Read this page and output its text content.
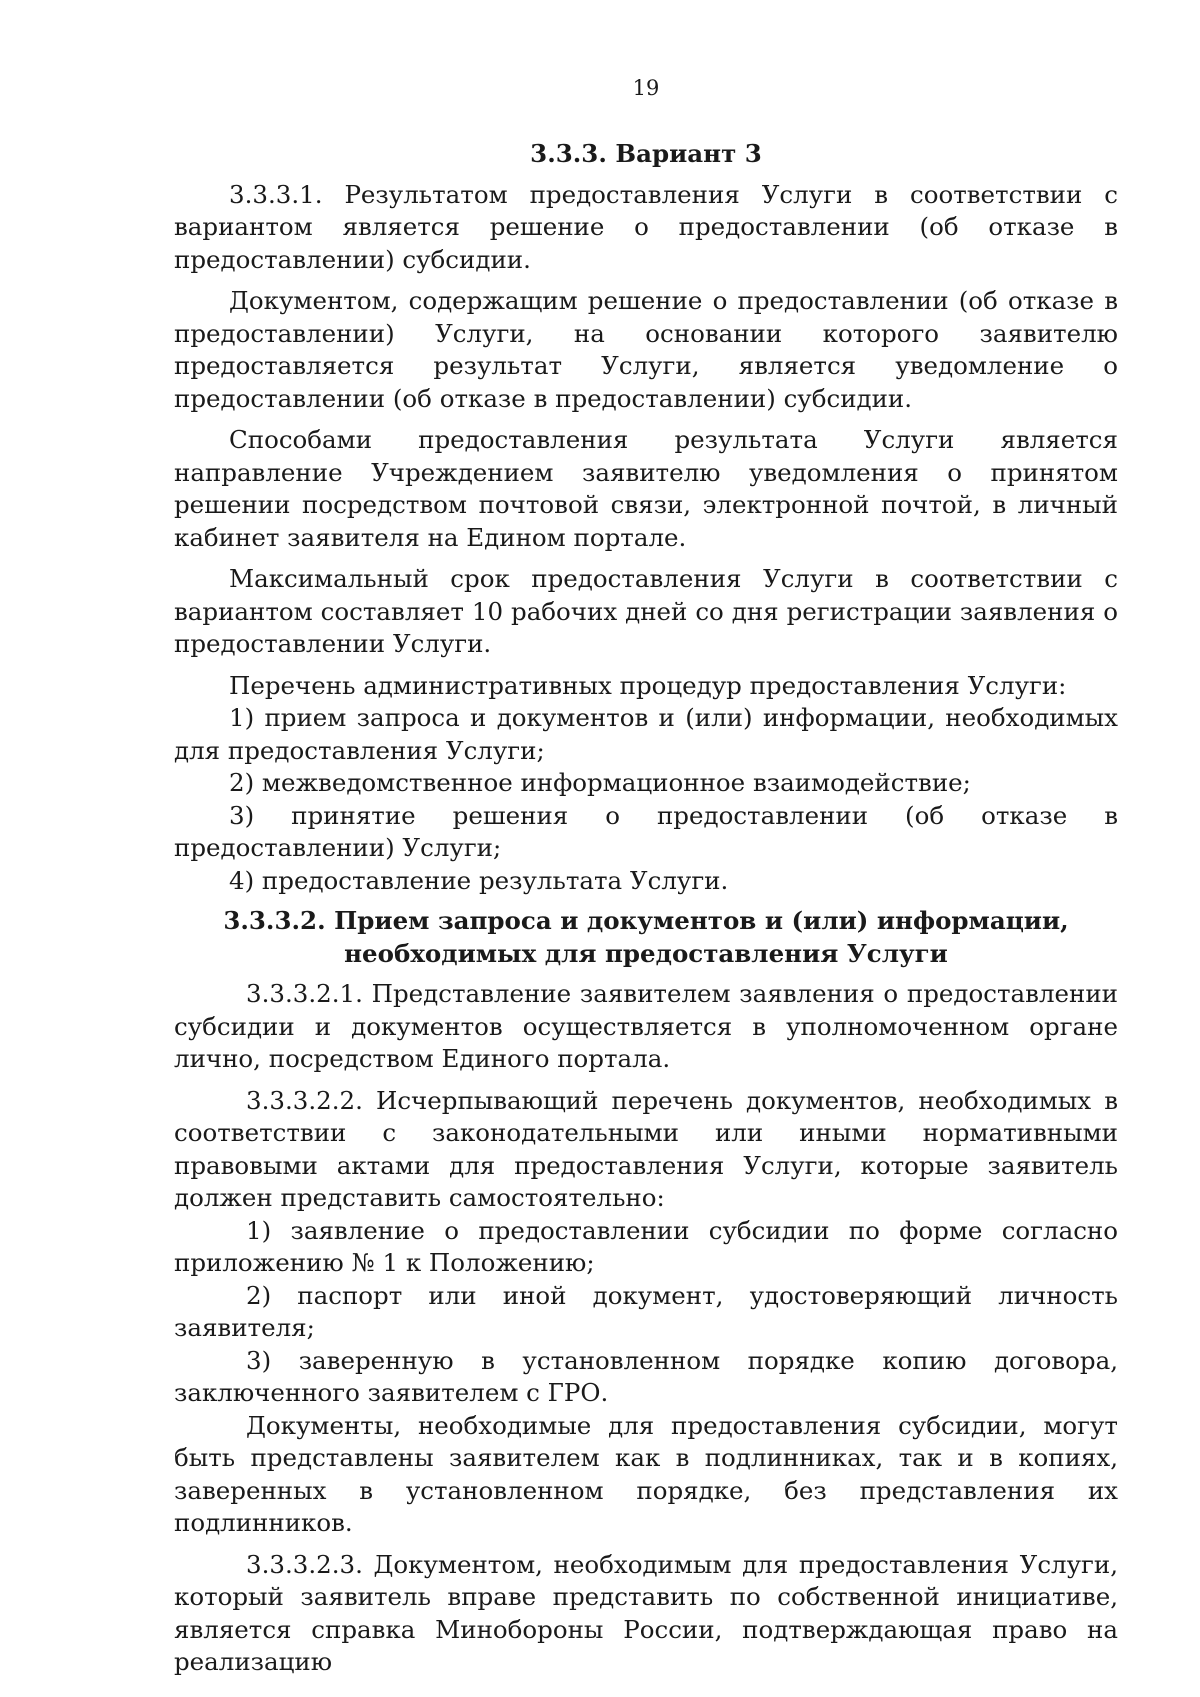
19
3.3.3. Вариант 3

3.3.3.1. Результатом предоставления Услуги в соответствии с вариантом является решение о предоставлении (об отказе в предоставлении) субсидии.

Документом, содержащим решение о предоставлении (об отказе в предоставлении) Услуги, на основании которого заявителю предоставляется результат Услуги, является уведомление о предоставлении (об отказе в предоставлении) субсидии.

Способами предоставления результата Услуги является направление Учреждением заявителю уведомления о принятом решении посредством почтовой связи, электронной почтой, в личный кабинет заявителя на Едином портале.

Максимальный срок предоставления Услуги в соответствии с вариантом составляет 10 рабочих дней со дня регистрации заявления о предоставлении Услуги.

Перечень административных процедур предоставления Услуги:

1) прием запроса и документов и (или) информации, необходимых для предоставления Услуги;

2) межведомственное информационное взаимодействие;

3) принятие решения о предоставлении (об отказе в предоставлении) Услуги;

4) предоставление результата Услуги.

3.3.3.2. Прием запроса и документов и (или) информации, необходимых для предоставления Услуги

3.3.3.2.1. Представление заявителем заявления о предоставлении субсидии и документов осуществляется в уполномоченном органе лично, посредством Единого портала.

3.3.3.2.2. Исчерпывающий перечень документов, необходимых в соответствии с законодательными или иными нормативными правовыми актами для предоставления Услуги, которые заявитель должен представить самостоятельно:

1) заявление о предоставлении субсидии по форме согласно приложению № 1 к Положению;

2) паспорт или иной документ, удостоверяющий личность заявителя;

3) заверенную в установленном порядке копию договора, заключенного заявителем с ГРО.

Документы, необходимые для предоставления субсидии, могут быть представлены заявителем как в подлинниках, так и в копиях, заверенных в установленном порядке, без представления их подлинников.

3.3.3.2.3. Документом, необходимым для предоставления Услуги, который заявитель вправе представить по собственной инициативе, является справка Минобороны России, подтверждающая право на реализацию
